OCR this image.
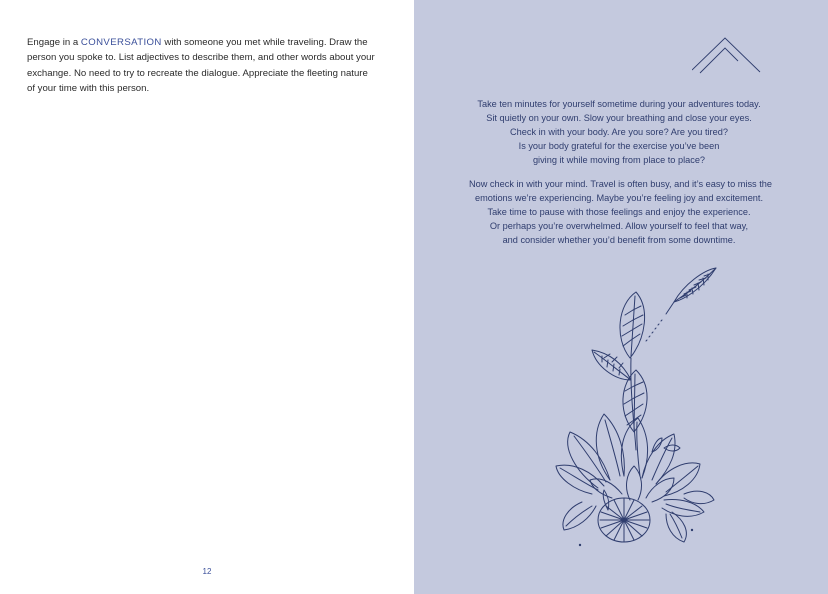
Engage in a CONVERSATION with someone you met while traveling. Draw the person you spoke to. List adjectives to describe them, and other words about your exchange. No need to try to recreate the dialogue. Appreciate the fleeting nature of your time with this person.

12
Take ten minutes for yourself sometime during your adventures today.
Sit quietly on your own. Slow your breathing and close your eyes.
Check in with your body. Are you sore? Are you tired?
Is your body grateful for the exercise you’ve been
giving it while moving from place to place?
Now check in with your mind. Travel is often busy, and it’s easy to miss the
emotions we’re experiencing. Maybe you’re feeling joy and excitement.
Take time to pause with those feelings and enjoy the experience.
Or perhaps you’re overwhelmed. Allow yourself to feel that way,
and consider whether you’d benefit from some downtime.
